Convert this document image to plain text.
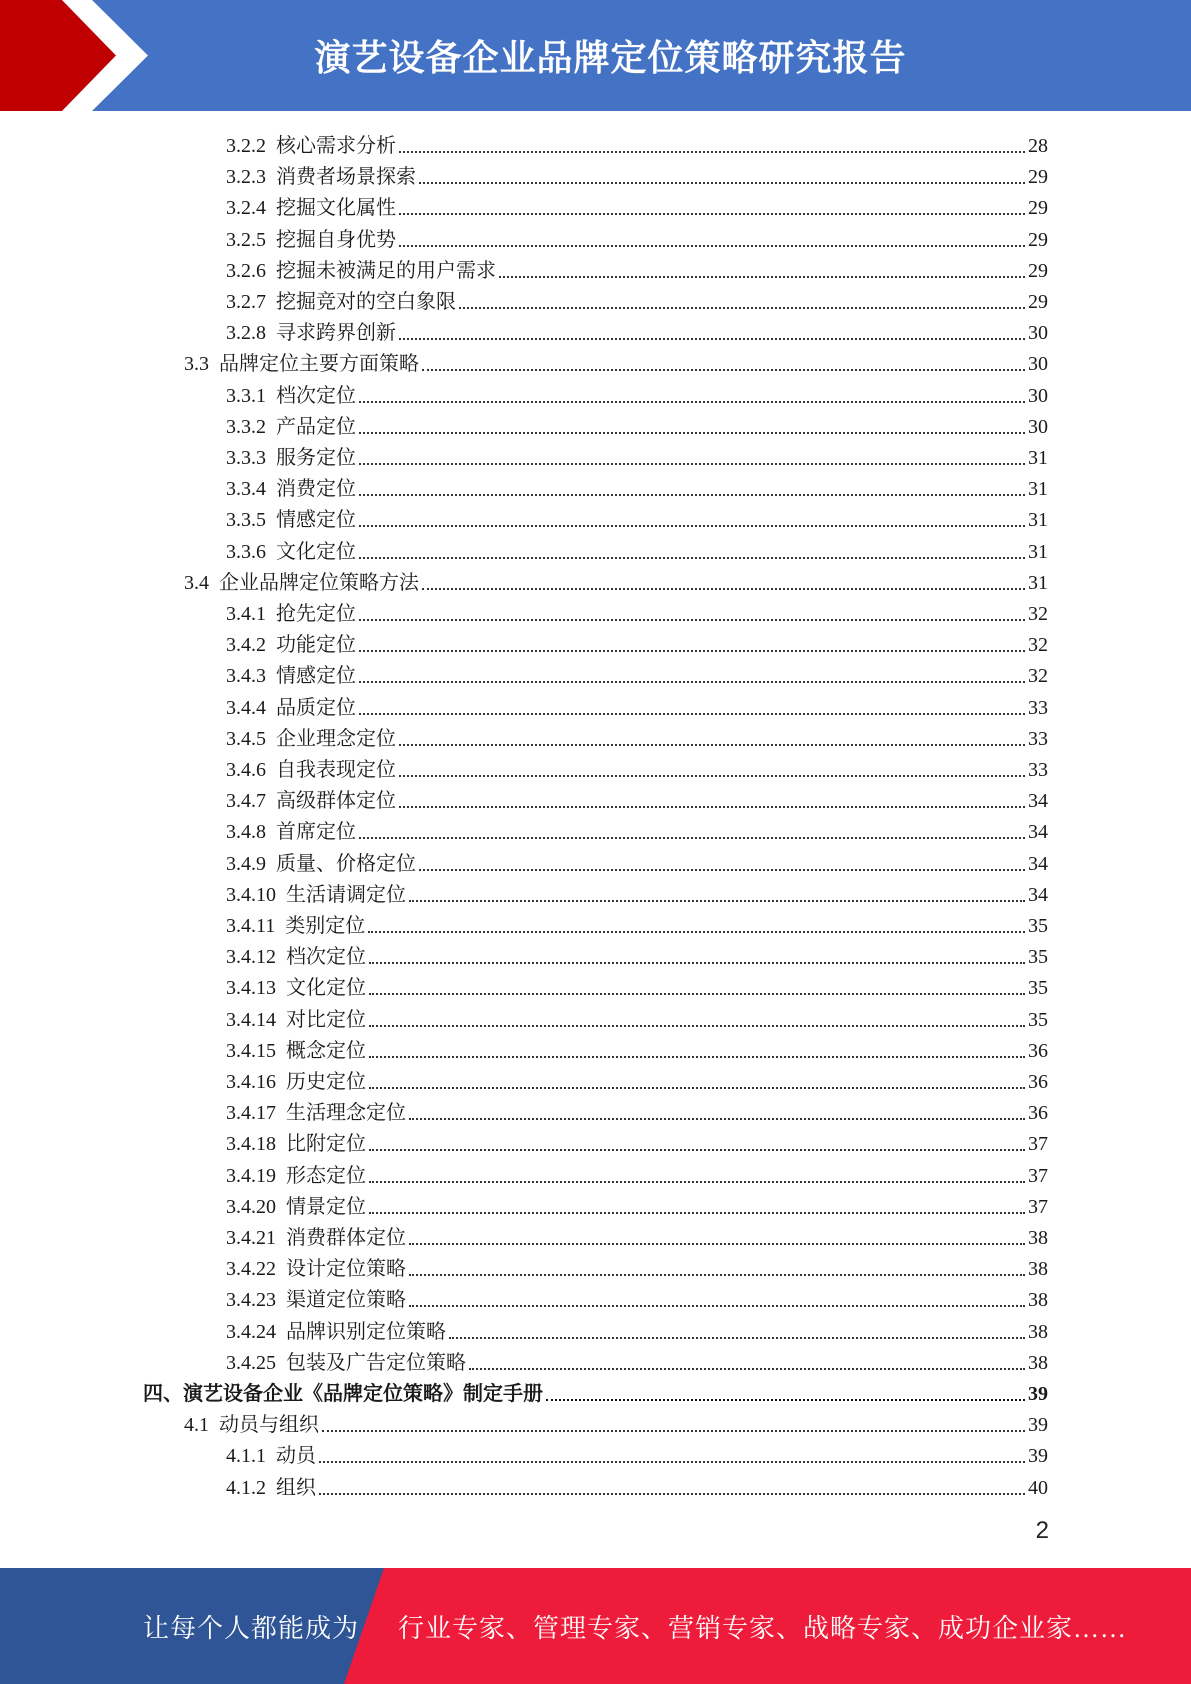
演艺设备企业品牌定位策略研究报告
3.2.2 核心需求分析	28
3.2.3 消费者场景探索	29
3.2.4 挖掘文化属性	29
3.2.5 挖掘自身优势	29
3.2.6 挖掘未被满足的用户需求	29
3.2.7 挖掘竞对的空白象限	29
3.2.8 寻求跨界创新	30
3.3 品牌定位主要方面策略	30
3.3.1 档次定位	30
3.3.2 产品定位	30
3.3.3 服务定位	31
3.3.4 消费定位	31
3.3.5 情感定位	31
3.3.6 文化定位	31
3.4 企业品牌定位策略方法	31
3.4.1 抢先定位	32
3.4.2 功能定位	32
3.4.3 情感定位	32
3.4.4 品质定位	33
3.4.5 企业理念定位	33
3.4.6 自我表现定位	33
3.4.7 高级群体定位	34
3.4.8 首席定位	34
3.4.9 质量、价格定位	34
3.4.10 生活请调定位	34
3.4.11 类别定位	35
3.4.12 档次定位	35
3.4.13 文化定位	35
3.4.14 对比定位	35
3.4.15 概念定位	36
3.4.16 历史定位	36
3.4.17 生活理念定位	36
3.4.18 比附定位	37
3.4.19 形态定位	37
3.4.20 情景定位	37
3.4.21 消费群体定位	38
3.4.22 设计定位策略	38
3.4.23 渠道定位策略	38
3.4.24 品牌识别定位策略	38
3.4.25 包装及广告定位策略	38
四、演艺设备企业《品牌定位策略》制定手册	39
4.1 动员与组织	39
4.1.1 动员	39
4.1.2 组织	40
2
让每个人都能成为 行业专家、管理专家、营销专家、战略专家、成功企业家……
